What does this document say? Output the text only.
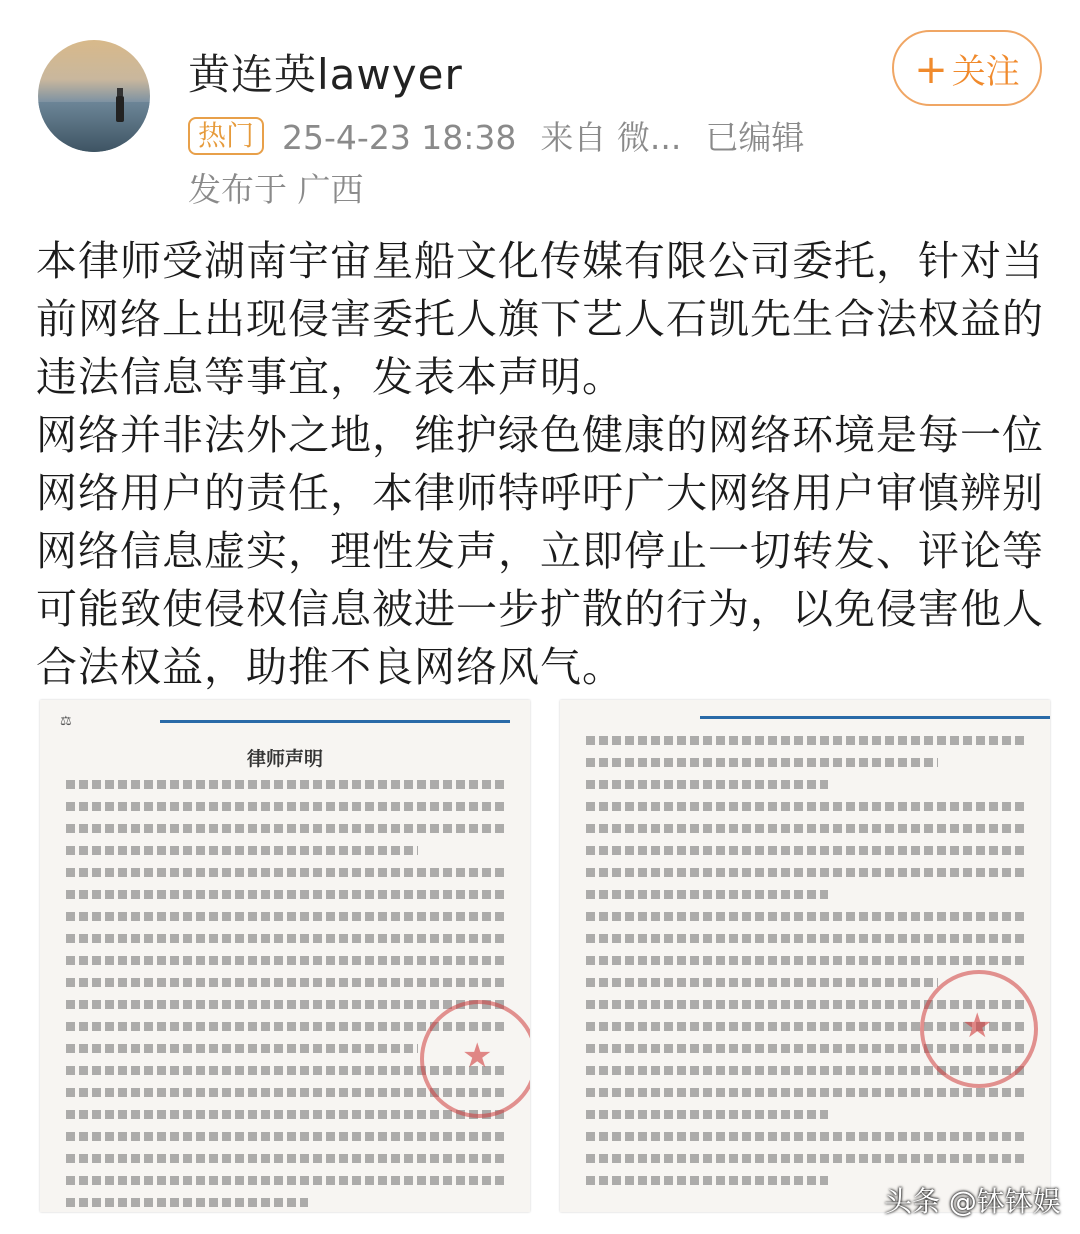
黄连英lawyer
热门 25-4-23 18:38 来自 微... 已编辑
发布于 广西
+ 关注

本律师受湖南宇宙星船文化传媒有限公司委托，针对当前网络上出现侵害委托人旗下艺人石凯先生合法权益的违法信息等事宜，发表本声明。

网络并非法外之地，维护绿色健康的网络环境是每一位网络用户的责任，本律师特呼吁广大网络用户审慎辨别网络信息虚实，理性发声，立即停止一切转发、评论等可能致使侵权信息被进一步扩散的行为，以免侵害他人合法权益，助推不良网络风气。

⚖
律师声明
★
★
头条 @钵钵娱
